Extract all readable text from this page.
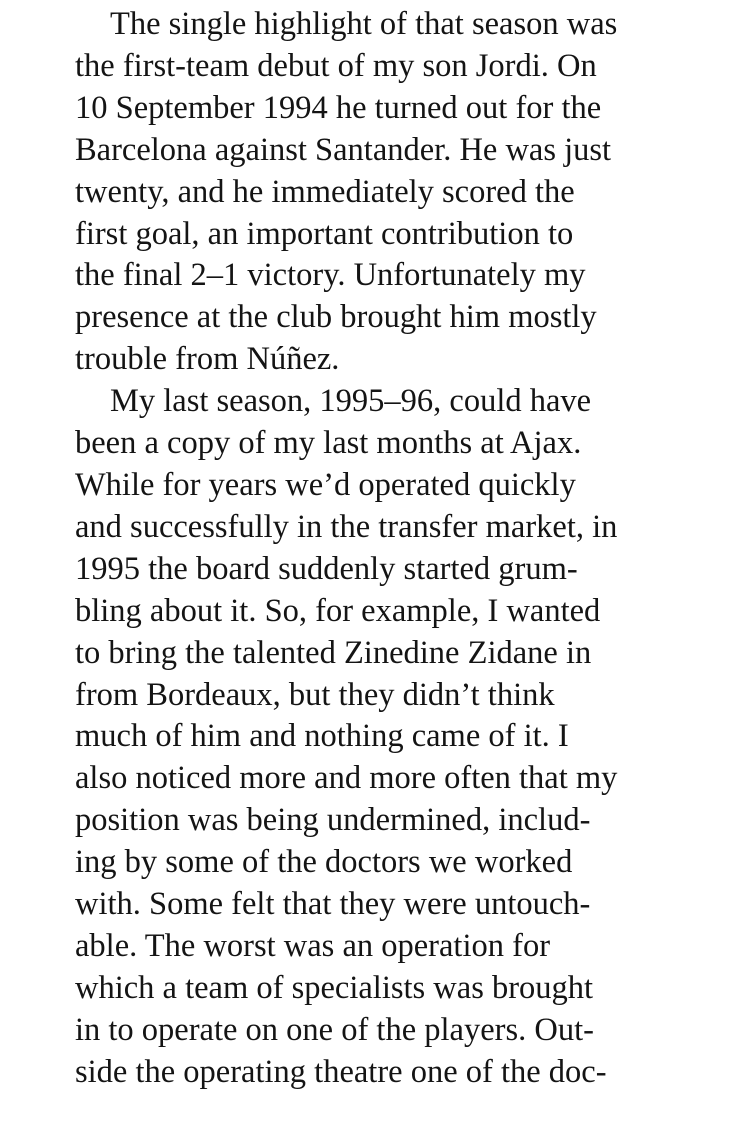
The single highlight of that season was
the first-team debut of my son Jordi. On
10 September 1994 he turned out for the
Barcelona against Santander. He was just
twenty, and he immediately scored the
first goal, an important contribution to
the final 2–1 victory. Unfortunately my
presence at the club brought him mostly
trouble from Núñez.
My last season, 1995–96, could have
been a copy of my last months at Ajax.
While for years we’d operated quickly
and successfully in the transfer market, in
1995 the board suddenly started grum-
bling about it. So, for example, I wanted
to bring the talented Zinedine Zidane in
from Bordeaux, but they didn’t think
much of him and nothing came of it. I
also noticed more and more often that my
position was being undermined, includ-
ing by some of the doctors we worked
with. Some felt that they were untouch-
able. The worst was an operation for
which a team of specialists was brought
in to operate on one of the players. Out-
side the operating theatre one of the doc-
